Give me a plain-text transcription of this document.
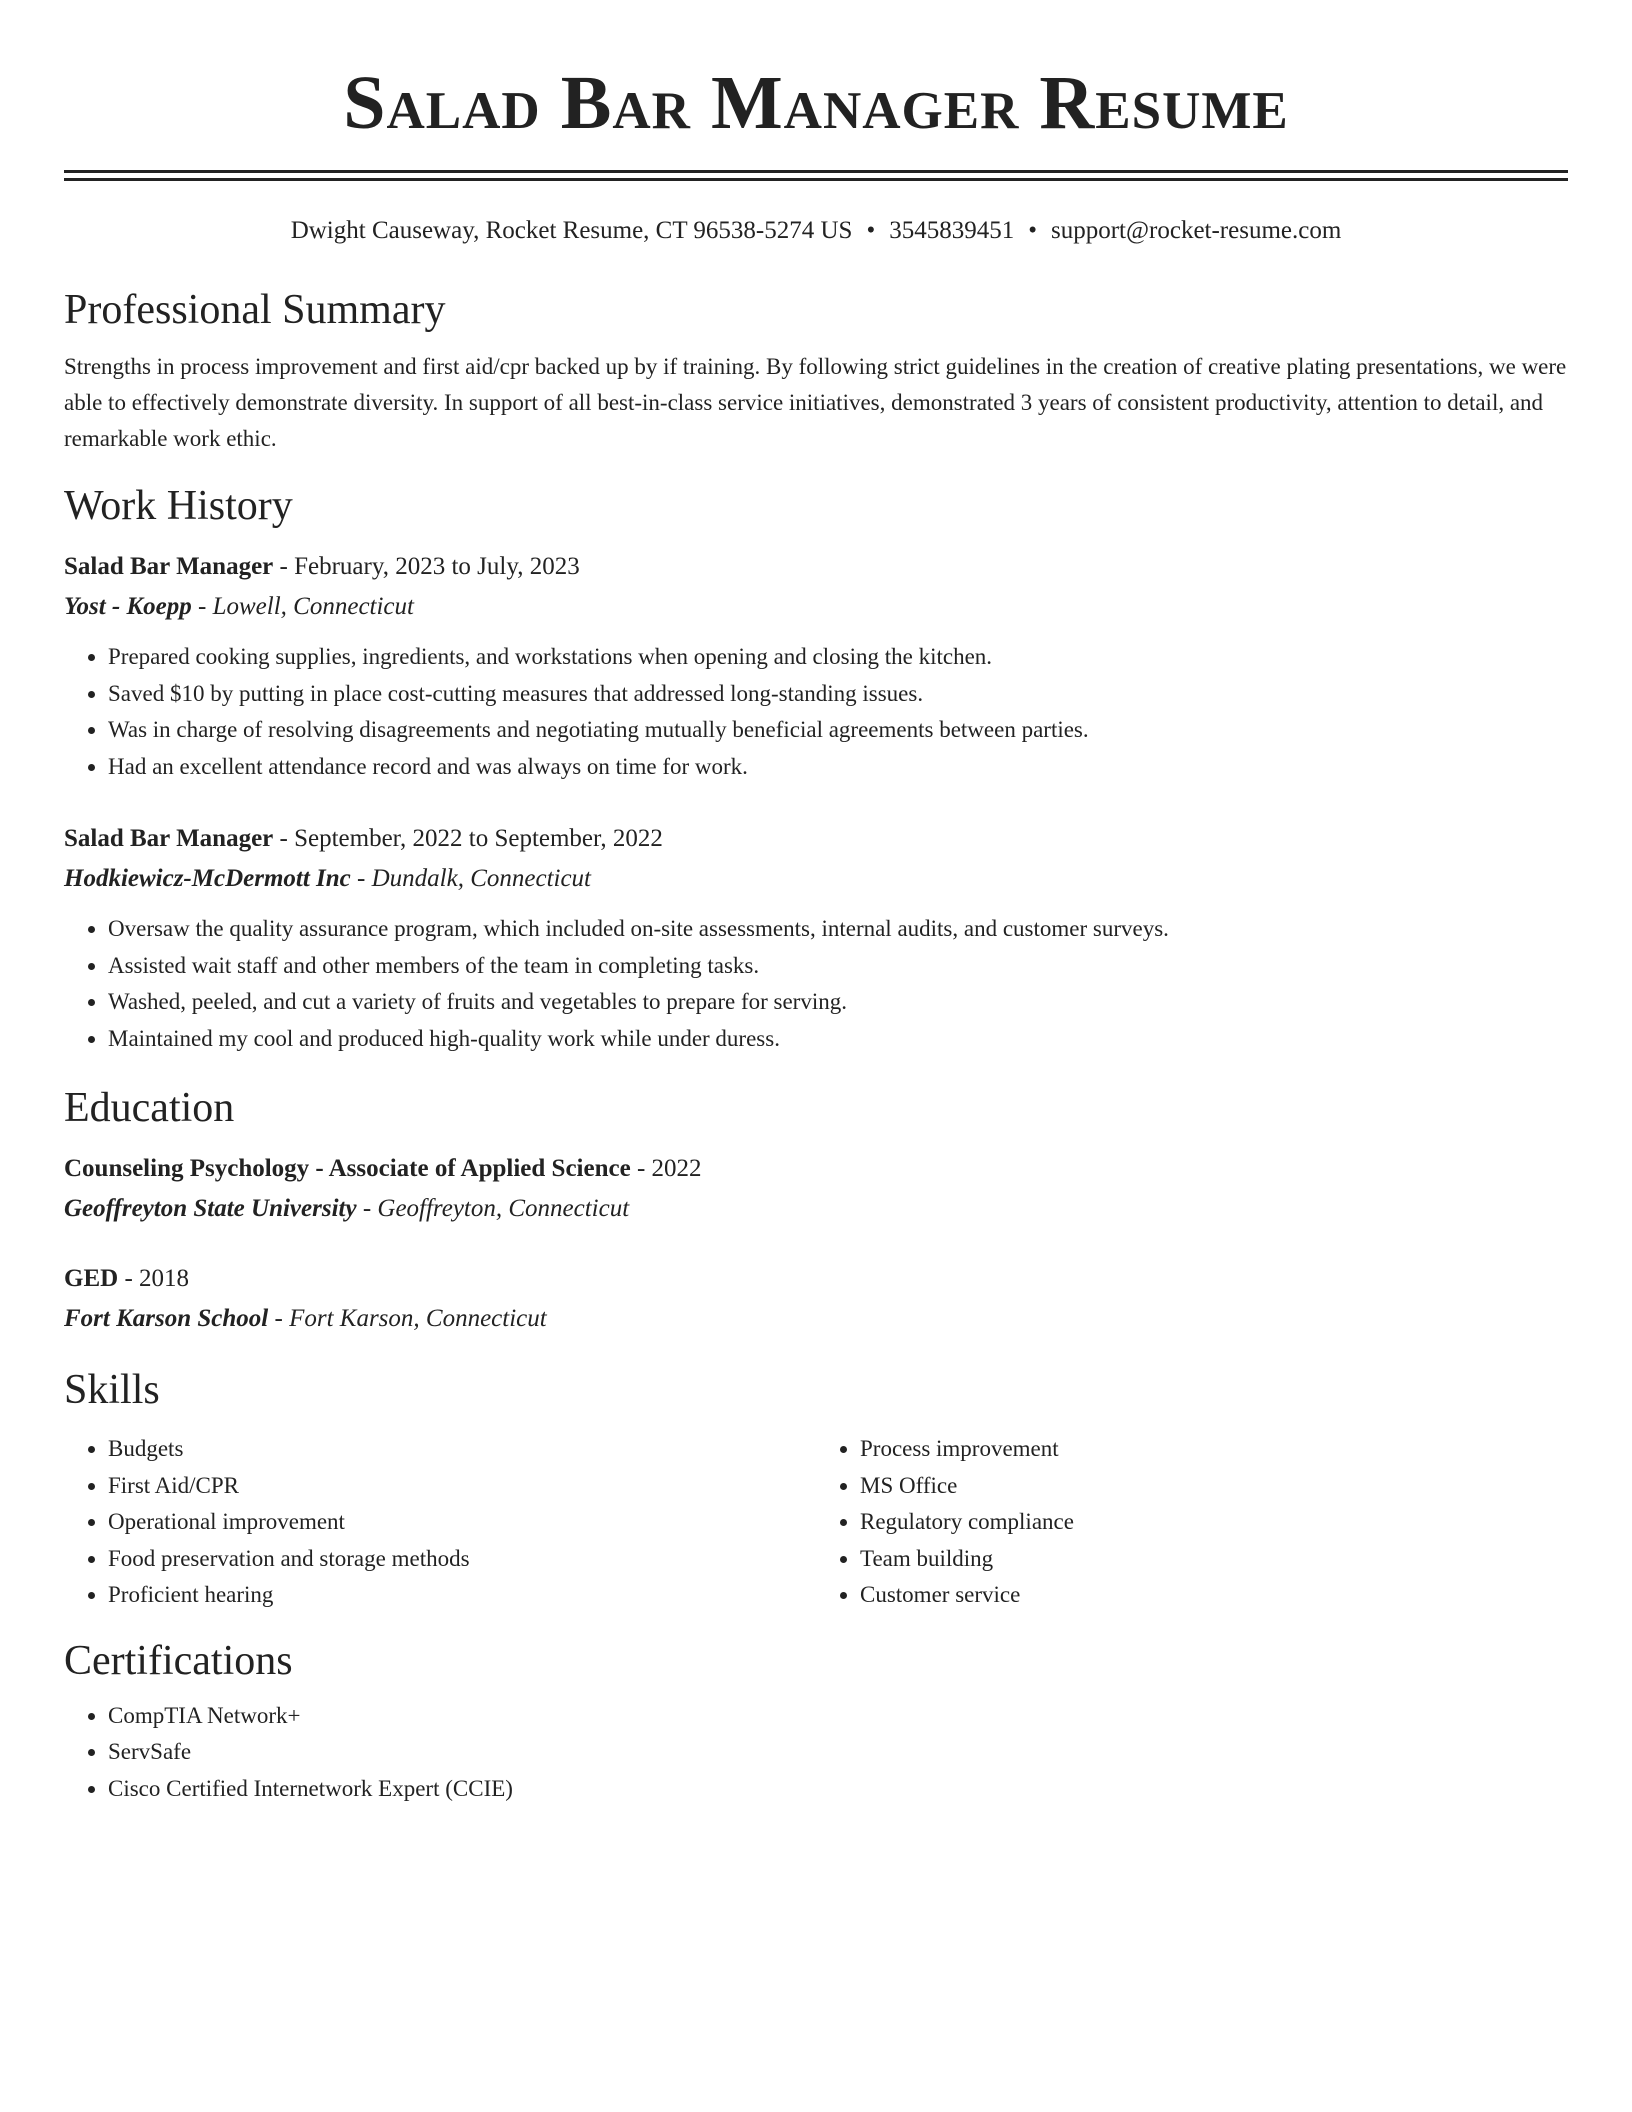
Salad Bar Manager Resume
Dwight Causeway, Rocket Resume, CT 96538-5274 US • 3545839451 • support@rocket-resume.com
Professional Summary

Strengths in process improvement and first aid/cpr backed up by if training. By following strict guidelines in the creation of creative plating presentations, we were able to effectively demonstrate diversity. In support of all best-in-class service initiatives, demonstrated 3 years of consistent productivity, attention to detail, and remarkable work ethic.

Work History
Salad Bar Manager - February, 2023 to July, 2023
Yost - Koepp - Lowell, Connecticut
• Prepared cooking supplies, ingredients, and workstations when opening and closing the kitchen.
• Saved $10 by putting in place cost-cutting measures that addressed long-standing issues.
• Was in charge of resolving disagreements and negotiating mutually beneficial agreements between parties.
• Had an excellent attendance record and was always on time for work.
Salad Bar Manager - September, 2022 to September, 2022
Hodkiewicz-McDermott Inc - Dundalk, Connecticut
• Oversaw the quality assurance program, which included on-site assessments, internal audits, and customer surveys.
• Assisted wait staff and other members of the team in completing tasks.
• Washed, peeled, and cut a variety of fruits and vegetables to prepare for serving.
• Maintained my cool and produced high-quality work while under duress.
Education
Counseling Psychology - Associate of Applied Science - 2022
Geoffreyton State University - Geoffreyton, Connecticut
GED - 2018
Fort Karson School - Fort Karson, Connecticut
Skills
• Budgets
• First Aid/CPR
• Operational improvement
• Food preservation and storage methods
• Proficient hearing
• Process improvement
• MS Office
• Regulatory compliance
• Team building
• Customer service
Certifications
• CompTIA Network+
• ServSafe
• Cisco Certified Internetwork Expert (CCIE)
